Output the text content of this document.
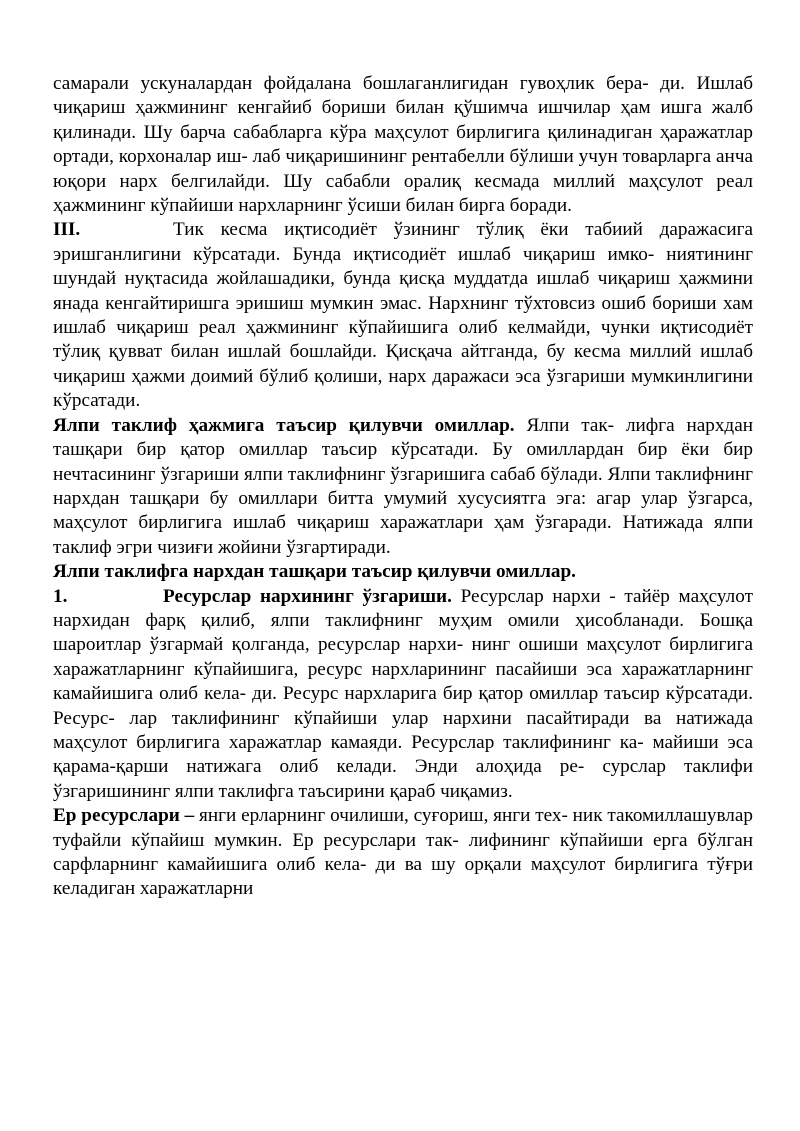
самарали ускуналардан фойдалана бошлаганлигидан гувоҳлик бера- ди. Ишлаб чиқариш ҳажмининг кенгайиб бориши билан қўшимча ишчилар ҳам ишга жалб қилинади. Шу барча сабабларга кўра маҳсулот бирлигига қилинадиган ҳаражатлар ортади, корхоналар иш- лаб чиқаришининг рентабелли бўлиши учун товарларга анча юқори нарх белгилайди. Шу сабабли оралиқ кесмада миллий маҳсулот реал ҳажмининг кўпайиши нархларнинг ўсиши билан бирга боради.

III.	Тик кесма иқтисодиёт ўзининг тўлиқ ёки табиий даражасига эришганлигини кўрсатади. Бунда иқтисодиёт ишлаб чиқариш имко- ниятининг шундай нуқтасида жойлашадики, бунда қисқа муддатда ишлаб чиқариш ҳажмини янада кенгайтиришга эришиш мумкин эмас. Нархнинг тўхтовсиз ошиб бориши хам ишлаб чиқариш реал ҳажмининг кўпайишига олиб келмайди, чунки иқтисодиёт тўлиқ қувват билан ишлай бошлайди. Қисқача айтганда, бу кесма миллий ишлаб чиқариш ҳажми доимий бўлиб қолиши, нарх даражаси эса ўзгариши мумкинлигини кўрсатади.

Ялпи таклиф ҳажмига таъсир қилувчи омиллар. Ялпи так- лифга нархдан ташқари бир қатор омиллар таъсир кўрсатади. Бу омиллардан бир ёки бир нечтасининг ўзгариши ялпи таклифнинг ўзгаришига сабаб бўлади. Ялпи таклифнинг нархдан ташқари бу омиллари битта умумий хусусиятга эга: агар улар ўзгарса, маҳсулот бирлигига ишлаб чиқариш харажатлари ҳам ўзгаради. Натижада ялпи таклиф эгри чизиғи жойини ўзгартиради.

Ялпи таклифга нархдан ташқари таъсир қилувчи омиллар.

1.	Ресурслар нархининг ўзгариши. Ресурслар нархи - тайёр маҳсулот нархидан фарқ қилиб, ялпи таклифнинг муҳим омили ҳисобланади. Бошқа шароитлар ўзгармай қолганда, ресурслар нархи- нинг ошиши маҳсулот бирлигига харажатларнинг кўпайишига, ресурс нархларининг пасайиши эса харажатларнинг камайишига олиб кела- ди. Ресурс нархларига бир қатор омиллар таъсир кўрсатади. Ресурс- лар таклифининг кўпайиши улар нархини пасайтиради ва натижада маҳсулот бирлигига харажатлар камаяди. Ресурслар таклифининг ка- майиши эса қарама-қарши натижага олиб келади. Энди алоҳида ре- сурслар таклифи ўзгаришининг ялпи таклифга таъсирини қараб чиқамиз.

Ер ресурслари – янги ерларнинг очилиши, суғориш, янги тех- ник такомиллашувлар туфайли кўпайиш мумкин. Ер ресурслари так- лифининг кўпайиши ерга бўлган сарфларнинг камайишига олиб кела- ди ва шу орқали маҳсулот бирлигига тўғри келадиган харажатларни
